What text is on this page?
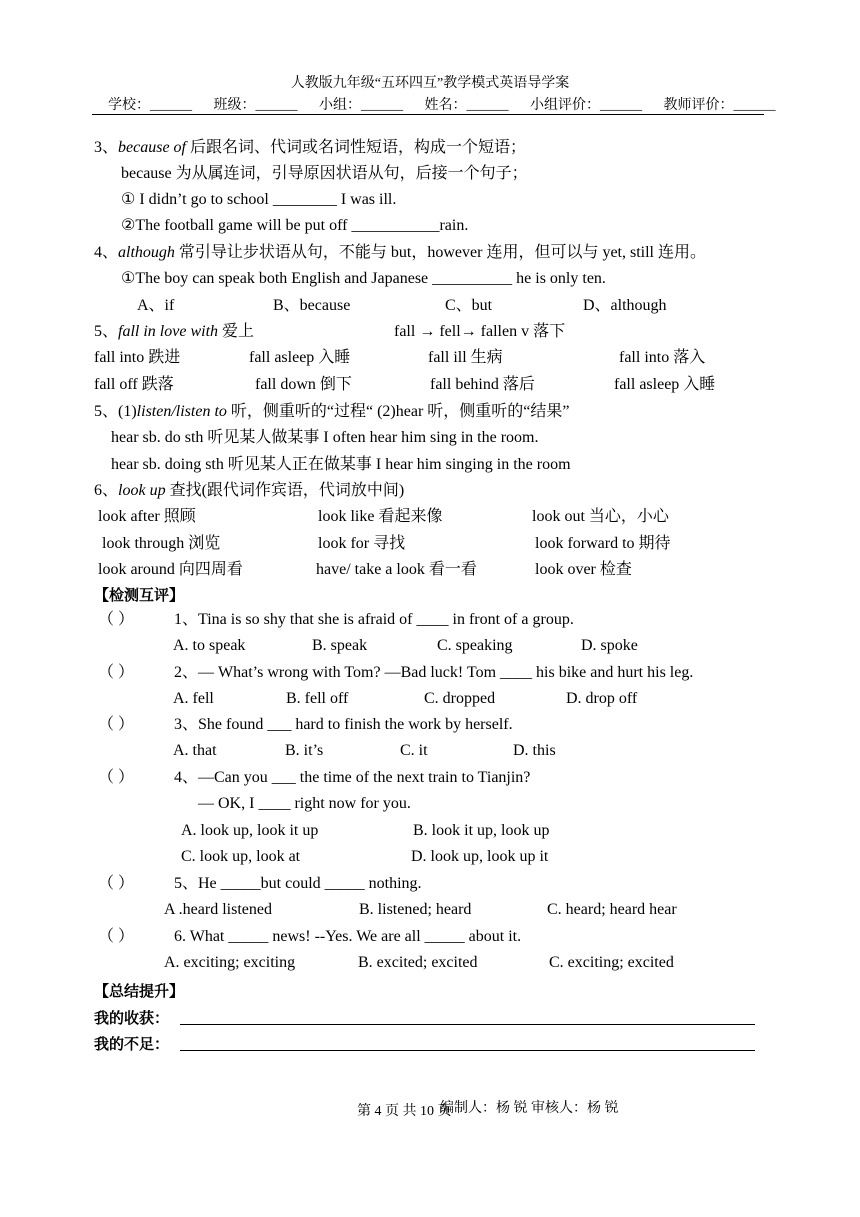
人教版九年级“五环四互”教学模式英语导学案
学校：______ 班级：______ 小组：______ 姓名：______ 小组评价：______ 教师评价：______
3、because of 后跟名词、代词或名词性短语，构成一个短语；
because 为从属连词，引导原因状语从句，后接一个句子；
① I didn’t go to school ________ I was ill.
②The football game will be put off ___________rain.
4、although 常引导让步状语从句，不能与 but，however 连用，但可以与 yet, still 连用。
①The boy can speak both English and Japanese __________ he is only ten.
A、if	B、because	C、but	D、although
5、fall in love with 爱上	fall → fell→ fallen v 落下
fall into 跌进	fall asleep 入睡	fall ill 生病	fall into 落入
fall off 跌落	fall down 倒下	fall behind 落后	fall asleep 入睡
5、(1)listen/listen to 听，侧重听的“过程“ (2)hear 听，侧重听的“结果”
hear sb. do sth 听见某人做某事 I often hear him sing in the room.
hear sb. doing sth 听见某人正在做某事 I hear him singing in the room
6、look up 查找(跟代词作宾语，代词放中间)
look after 照顾	look like 看起来像	look out 当心，小心
look through 浏览	look for 寻找	look forward to 期待
look around 向四周看	have/ take a look 看一看	look over 检查
【检测互评】
（ ） 1、Tina is so shy that she is afraid of ____ in front of a group.
A. to speak	B. speak	C. speaking	D. spoke
（ ） 2、— What’s wrong with Tom? —Bad luck! Tom ____ his bike and hurt his leg.
A. fell	B. fell off	C. dropped	D. drop off
（ ） 3、She found ___ hard to finish the work by herself.
A. that	B. it’s	C. it	D. this
（ ） 4、—Can you ___ the time of the next train to Tianjin?
— OK, I ____ right now for you.
A. look up, look it up	B. look it up, look up
C. look up, look at	D. look up, look up it
（ ） 5、He _____but could _____ nothing.
A .heard listened	B. listened; heard	C. heard; heard hear
（ ） 6. What _____ news! --Yes. We are all _____ about it.
A. exciting; exciting	B. excited; excited	C. exciting; excited
【总结提升】
我的收获：
我的不足：
第 4 页 共 10 页
编制人：杨 锐 审核人：杨 锐
